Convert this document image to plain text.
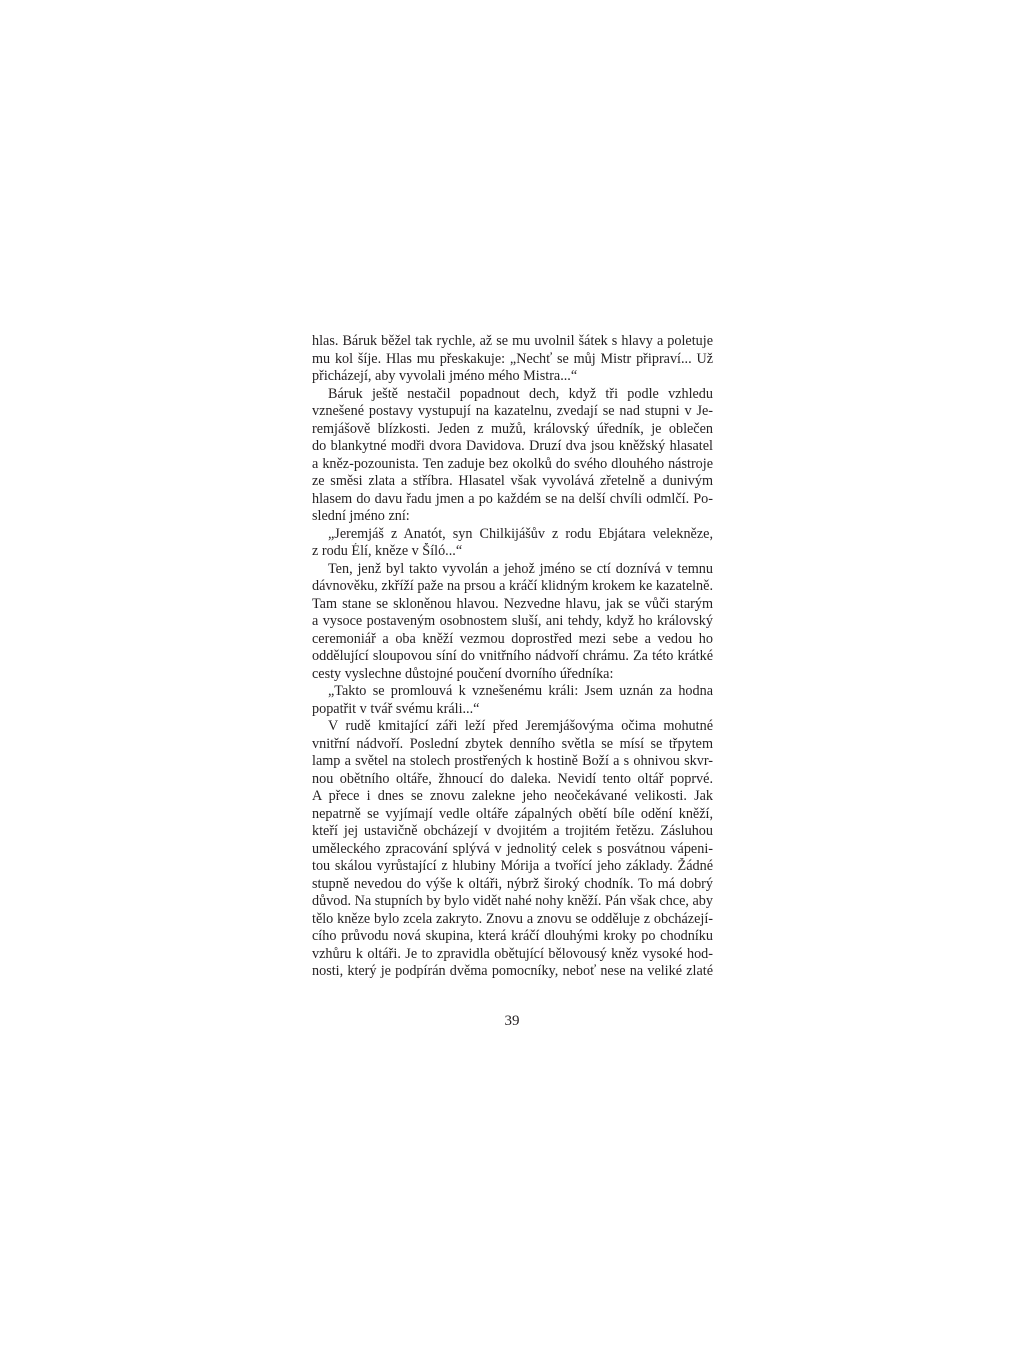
hlas. Báruk běžel tak rychle, až se mu uvolnil šátek s hlavy a poletuje
mu kol šíje. Hlas mu přeskakuje: „Nechť se můj Mistr připraví... Už
přicházejí, aby vyvolali jméno mého Mistra...“
Báruk ještě nestačil popadnout dech, když tři podle vzhledu
vznešené postavy vystupují na kazatelnu, zvedají se nad stupni v Je-
remjášově blízkosti. Jeden z mužů, královský úředník, je oblečen
do blankytné modři dvora Davidova. Druzí dva jsou kněžský hlasatel
a kněz-pozounista. Ten zaduje bez okolků do svého dlouhého nástroje
ze směsi zlata a stříbra. Hlasatel však vyvolává zřetelně a dunivým
hlasem do davu řadu jmen a po každém se na delší chvíli odmlčí. Po-
slední jméno zní:
„Jeremjáš z Anatót, syn Chilkijášův z rodu Ebjátara velekněze,
z rodu Élí, kněze v Šíló...“
Ten, jenž byl takto vyvolán a jehož jméno se ctí doznívá v temnu
dávnověku, zkříží paže na prsou a kráčí klidným krokem ke kazatelně.
Tam stane se skloněnou hlavou. Nezvedne hlavu, jak se vůči starým
a vysoce postaveným osobnostem sluší, ani tehdy, když ho královský
ceremoniář a oba kněží vezmou doprostřed mezi sebe a vedou ho
oddělující sloupovou síní do vnitřního nádvoří chrámu. Za této krátké
cesty vyslechne důstojné poučení dvorního úředníka:
„Takto se promlouvá k vznešenému králi: Jsem uznán za hodna
popatřit v tvář svému králi...“
V rudě kmitající záři leží před Jeremjášovýma očima mohutné
vnitřní nádvoří. Poslední zbytek denního světla se mísí se třpytem
lamp a světel na stolech prostřených k hostině Boží a s ohnivou skvr-
nou obětního oltáře, žhnoucí do daleka. Nevidí tento oltář poprvé.
A přece i dnes se znovu zalekne jeho neočekávané velikosti. Jak
nepatrně se vyjímají vedle oltáře zápalných obětí bíle odění kněží,
kteří jej ustavičně obcházejí v dvojitém a trojitém řetězu. Zásluhou
uměleckého zpracování splývá v jednolitý celek s posvátnou vápeni-
tou skálou vyrůstající z hlubiny Mórija a tvořící jeho základy. Žádné
stupně nevedou do výše k oltáři, nýbrž široký chodník. To má dobrý
důvod. Na stupních by bylo vidět nahé nohy kněží. Pán však chce, aby
tělo kněze bylo zcela zakryto. Znovu a znovu se odděluje z obcházejí-
cího průvodu nová skupina, která kráčí dlouhými kroky po chodníku
vzhůru k oltáři. Je to zpravidla obětující bělovousý kněz vysoké hod-
nosti, který je podpírán dvěma pomocníky, neboť nese na veliké zlaté
39
